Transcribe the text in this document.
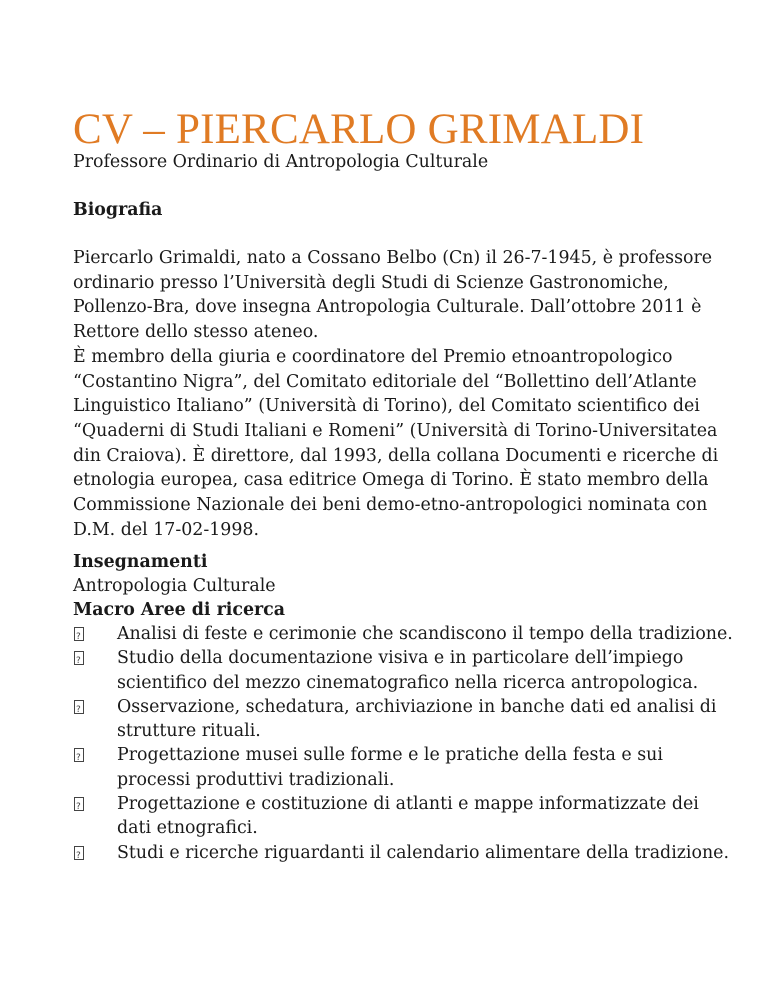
CV – PIERCARLO GRIMALDI
Professore Ordinario di Antropologia Culturale
Biografia

Piercarlo Grimaldi, nato a Cossano Belbo (Cn) il 26-7-1945, è professore ordinario presso l’Università degli Studi di Scienze Gastronomiche, Pollenzo-Bra, dove insegna Antropologia Culturale. Dall’ottobre 2011 è Rettore dello stesso ateneo.

È membro della giuria e coordinatore del Premio etnoantropologico “Costantino Nigra”, del Comitato editoriale del “Bollettino dell’Atlante Linguistico Italiano” (Università di Torino), del Comitato scientifico dei “Quaderni di Studi Italiani e Romeni” (Università di Torino-Universitatea din Craiova). È direttore, dal 1993, della collana Documenti e ricerche di etnologia europea, casa editrice Omega di Torino. È stato membro della Commissione Nazionale dei beni demo-etno-antropologici nominata con D.M. del 17-02-1998.

Insegnamenti
Antropologia Culturale
Macro Aree di ricerca
?
Analisi di feste e cerimonie che scandiscono il tempo della tradizione.
?
Studio della documentazione visiva e in particolare dell’impiego scientifico del mezzo cinematografico nella ricerca antropologica.
?
Osservazione, schedatura, archiviazione in banche dati ed analisi di strutture rituali.
?
Progettazione musei sulle forme e le pratiche della festa e sui processi produttivi tradizionali.
?
Progettazione e costituzione di atlanti e mappe informatizzate dei dati etnografici.
?
Studi e ricerche riguardanti il calendario alimentare della tradizione.
